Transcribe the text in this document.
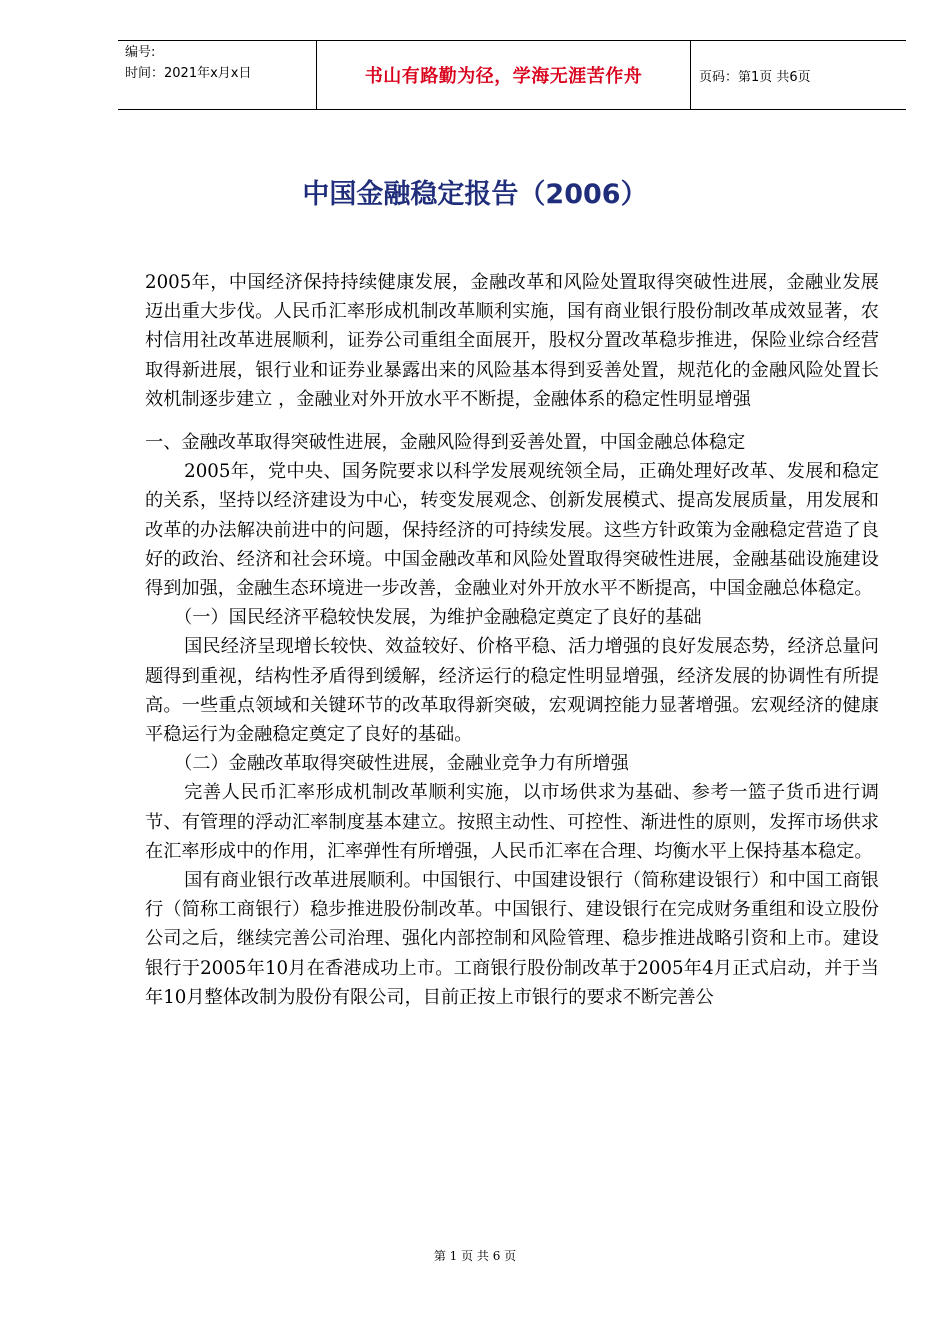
编号:
时间：2021年x月x日	书山有路勤为径，学海无涯苦作舟	页码：第1页 共6页
中国金融稳定报告（2006）

2005年，中国经济保持持续健康发展，金融改革和风险处置取得突破性进展，金融业发展迈出重大步伐。人民币汇率形成机制改革顺利实施，国有商业银行股份制改革成效显著，农村信用社改革进展顺利，证券公司重组全面展开，股权分置改革稳步推进，保险业综合经营取得新进展，银行业和证券业暴露出来的风险基本得到妥善处置，规范化的金融风险处置长效机制逐步建立 ，金融业对外开放水平不断提，金融体系的稳定性明显增强

一、金融改革取得突破性进展，金融风险得到妥善处置，中国金融总体稳定

2005年，党中央、国务院要求以科学发展观统领全局，正确处理好改革、发展和稳定的关系，坚持以经济建设为中心，转变发展观念、创新发展模式、提高发展质量，用发展和改革的办法解决前进中的问题，保持经济的可持续发展。这些方针政策为金融稳定营造了良好的政治、经济和社会环境。中国金融改革和风险处置取得突破性进展，金融基础设施建设得到加强，金融生态环境进一步改善，金融业对外开放水平不断提高，中国金融总体稳定。

（一）国民经济平稳较快发展，为维护金融稳定奠定了良好的基础

国民经济呈现增长较快、效益较好、价格平稳、活力增强的良好发展态势，经济总量问题得到重视，结构性矛盾得到缓解，经济运行的稳定性明显增强，经济发展的协调性有所提高。一些重点领域和关键环节的改革取得新突破，宏观调控能力显著增强。宏观经济的健康平稳运行为金融稳定奠定了良好的基础。

（二）金融改革取得突破性进展，金融业竞争力有所增强

完善人民币汇率形成机制改革顺利实施，以市场供求为基础、参考一篮子货币进行调节、有管理的浮动汇率制度基本建立。按照主动性、可控性、渐进性的原则，发挥市场供求在汇率形成中的作用，汇率弹性有所增强，人民币汇率在合理、均衡水平上保持基本稳定。

国有商业银行改革进展顺利。中国银行、中国建设银行（简称建设银行）和中国工商银行（简称工商银行）稳步推进股份制改革。中国银行、建设银行在完成财务重组和设立股份公司之后，继续完善公司治理、强化内部控制和风险管理、稳步推进战略引资和上市。建设银行于2005年10月在香港成功上市。工商银行股份制改革于2005年4月正式启动，并于当年10月整体改制为股份有限公司，目前正按上市银行的要求不断完善公

第 1 页 共 6 页
